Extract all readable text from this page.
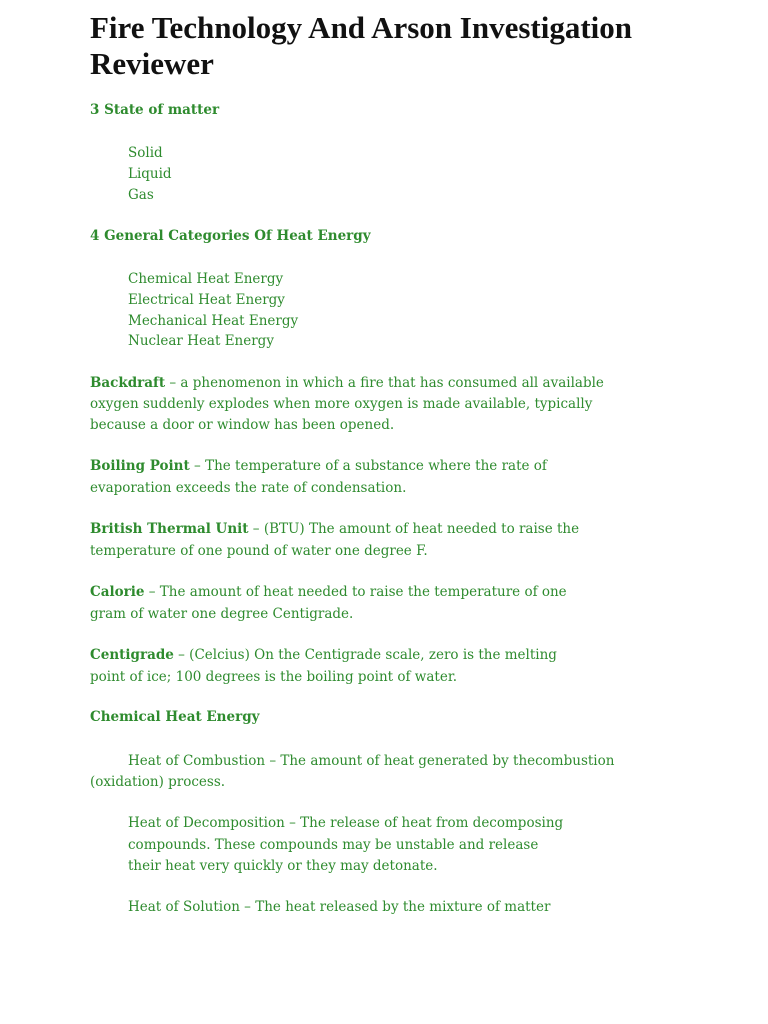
Fire Technology And Arson Investigation Reviewer
3 State of matter
Solid
Liquid
Gas
4 General Categories Of Heat Energy
Chemical Heat Energy
Electrical Heat Energy
Mechanical Heat Energy
Nuclear Heat Energy
Backdraft – a phenomenon in which a fire that has consumed all available
oxygen suddenly explodes when more oxygen is made available, typically
because a door or window has been opened.
Boiling Point – The temperature of a substance where the rate of
evaporation exceeds the rate of condensation.
British Thermal Unit – (BTU) The amount of heat needed to raise the
temperature of one pound of water one degree F.
Calorie – The amount of heat needed to raise the temperature of one
gram of water one degree Centigrade.
Centigrade – (Celcius) On the Centigrade scale, zero is the melting
point of ice; 100 degrees is the boiling point of water.
Chemical Heat Energy
Heat of Combustion – The amount of heat generated by thecombustion
(oxidation) process.
Heat of Decomposition – The release of heat from decomposing
compounds. These compounds may be unstable and release
their heat very quickly or they may detonate.
Heat of Solution – The heat released by the mixture of matter
